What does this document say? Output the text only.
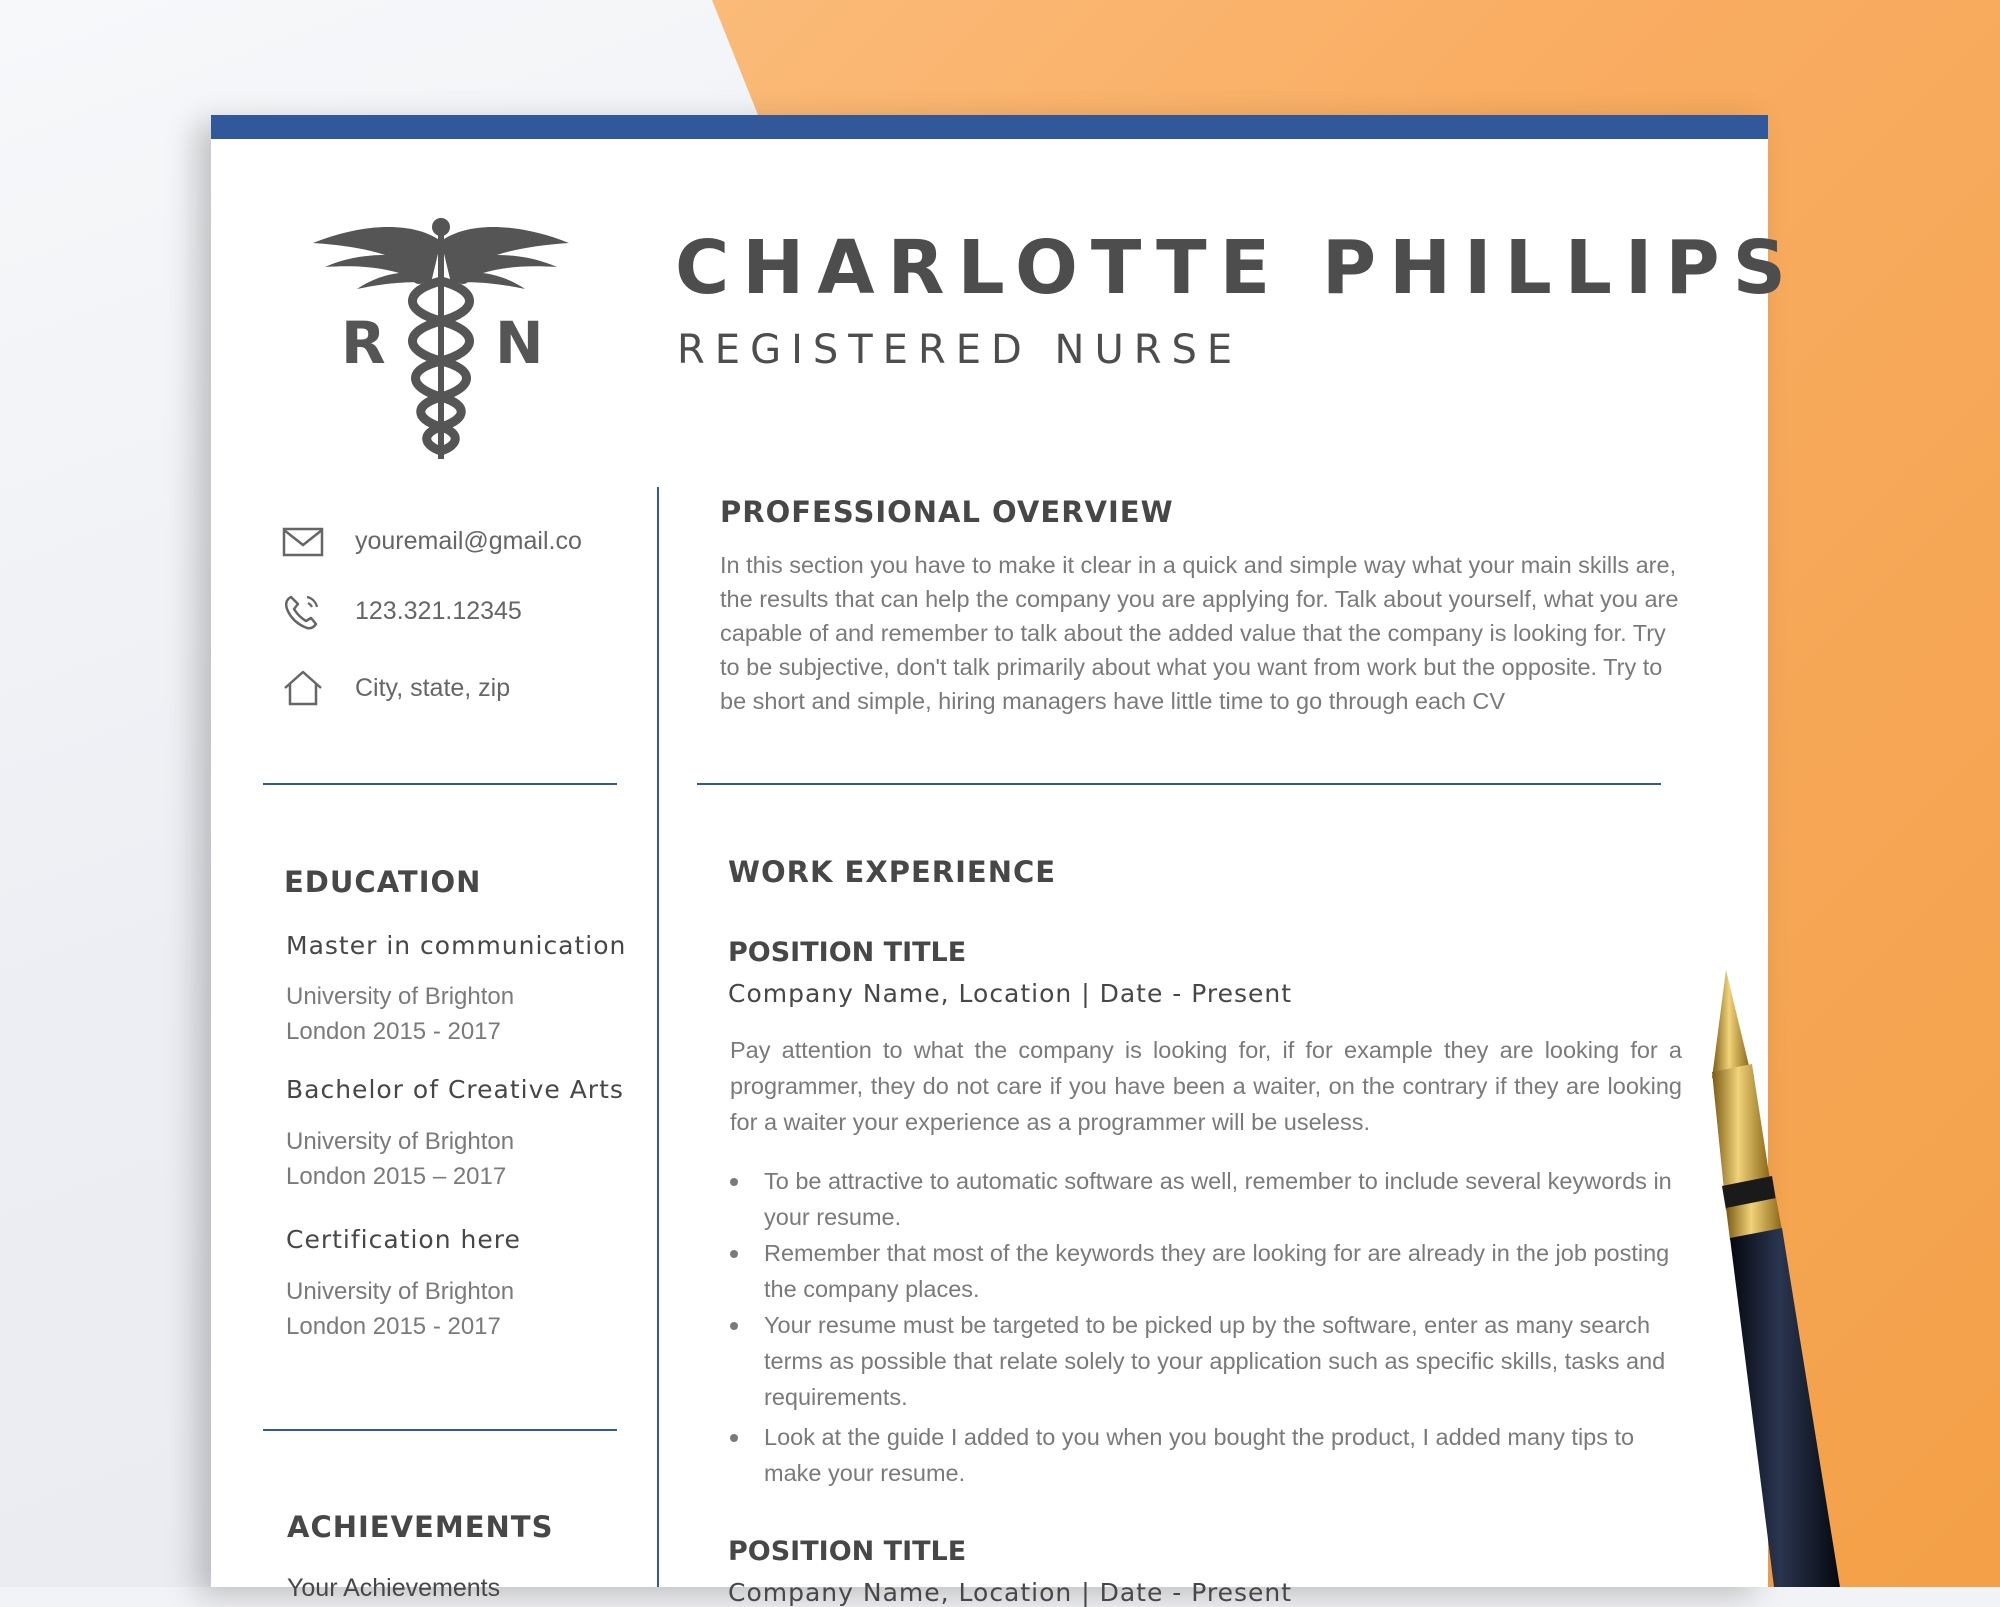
R N
CHARLOTTE PHILLIPS
REGISTERED NURSE
youremail@gmail.co
123.321.12345
City, state, zip
EDUCATION
Master in communication
University of Brighton
London 2015 - 2017
Bachelor of Creative Arts
University of Brighton
London 2015 – 2017
Certification here
University of Brighton
London 2015 - 2017
ACHIEVEMENTS
Your Achievements
PROFESSIONAL OVERVIEW
In this section you have to make it clear in a quick and simple way what your main skills are, the results that can help the company you are applying for. Talk about yourself, what you are capable of and remember to talk about the added value that the company is looking for. Try to be subjective, don't talk primarily about what you want from work but the opposite. Try to be short and simple, hiring managers have little time to go through each CV
WORK EXPERIENCE
POSITION TITLE
Company Name, Location | Date - Present
Pay attention to what the company is looking for, if for example they are looking for a programmer, they do not care if you have been a waiter, on the contrary if they are looking for a waiter your experience as a programmer will be useless.
To be attractive to automatic software as well, remember to include several keywords in your resume.
Remember that most of the keywords they are looking for are already in the job posting the company places.
Your resume must be targeted to be picked up by the software, enter as many search terms as possible that relate solely to your application such as specific skills, tasks and requirements.
Look at the guide I added to you when you bought the product, I added many tips to make your resume.
POSITION TITLE
Company Name, Location | Date - Present
